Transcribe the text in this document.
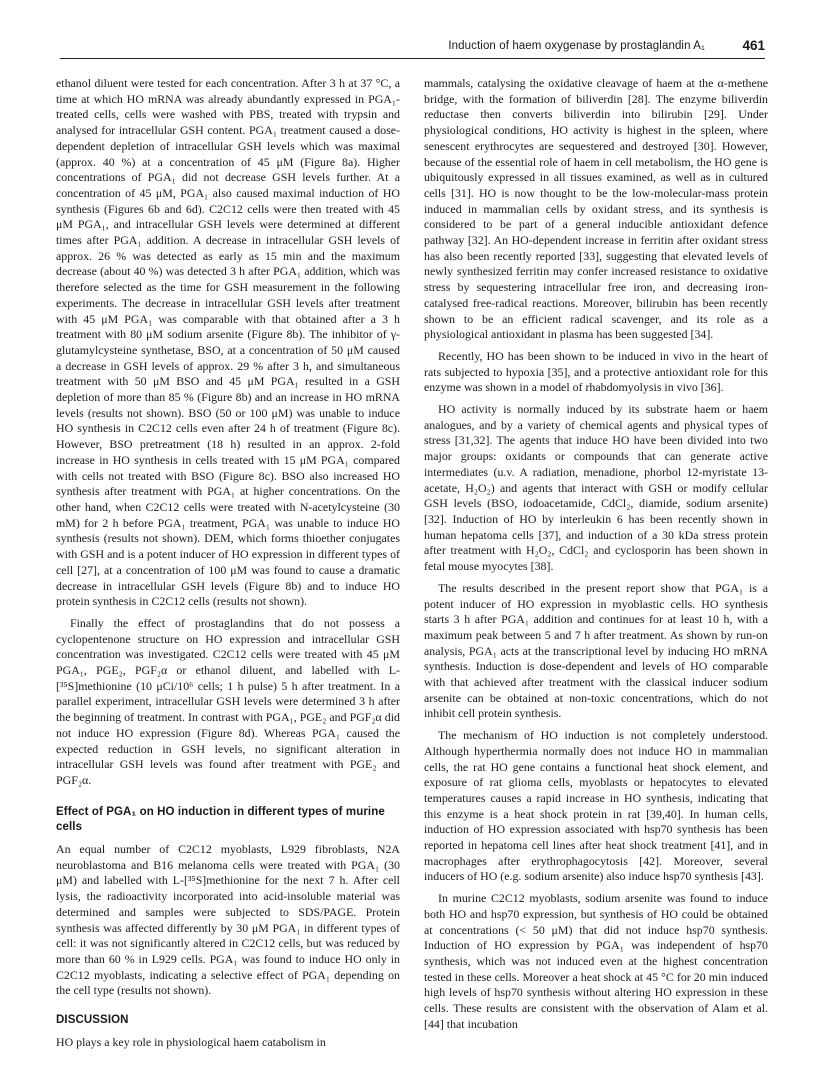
Induction of haem oxygenase by prostaglandin A₁	461

ethanol diluent were tested for each concentration. After 3 h at 37 °C, a time at which HO mRNA was already abundantly expressed in PGA₁-treated cells, cells were washed with PBS, treated with trypsin and analysed for intracellular GSH content. PGA₁ treatment caused a dose-dependent depletion of intracellular GSH levels which was maximal (approx. 40 %) at a concentration of 45 μM (Figure 8a). Higher concentrations of PGA₁ did not decrease GSH levels further. At a concentration of 45 μM, PGA₁ also caused maximal induction of HO synthesis (Figures 6b and 6d). C2C12 cells were then treated with 45 μM PGA₁, and intracellular GSH levels were determined at different times after PGA₁ addition. A decrease in intracellular GSH levels of approx. 26 % was detected as early as 15 min and the maximum decrease (about 40 %) was detected 3 h after PGA₁ addition, which was therefore selected as the time for GSH measurement in the following experiments. The decrease in intracellular GSH levels after treatment with 45 μM PGA₁ was comparable with that obtained after a 3 h treatment with 80 μM sodium arsenite (Figure 8b). The inhibitor of γ-glutamylcysteine synthetase, BSO, at a concentration of 50 μM caused a decrease in GSH levels of approx. 29 % after 3 h, and simultaneous treatment with 50 μM BSO and 45 μM PGA₁ resulted in a GSH depletion of more than 85 % (Figure 8b) and an increase in HO mRNA levels (results not shown). BSO (50 or 100 μM) was unable to induce HO synthesis in C2C12 cells even after 24 h of treatment (Figure 8c). However, BSO pretreatment (18 h) resulted in an approx. 2-fold increase in HO synthesis in cells treated with 15 μM PGA₁ compared with cells not treated with BSO (Figure 8c). BSO also increased HO synthesis after treatment with PGA₁ at higher concentrations. On the other hand, when C2C12 cells were treated with N-acetylcysteine (30 mM) for 2 h before PGA₁ treatment, PGA₁ was unable to induce HO synthesis (results not shown). DEM, which forms thioether conjugates with GSH and is a potent inducer of HO expression in different types of cell [27], at a concentration of 100 μM was found to cause a dramatic decrease in intracellular GSH levels (Figure 8b) and to induce HO protein synthesis in C2C12 cells (results not shown).

Finally the effect of prostaglandins that do not possess a cyclopentenone structure on HO expression and intracellular GSH concentration was investigated. C2C12 cells were treated with 45 μM PGA₁, PGE₂, PGF₂α or ethanol diluent, and labelled with L-[³⁵S]methionine (10 μCi/10⁶ cells; 1 h pulse) 5 h after treatment. In a parallel experiment, intracellular GSH levels were determined 3 h after the beginning of treatment. In contrast with PGA₁, PGE₂ and PGF₂α did not induce HO expression (Figure 8d). Whereas PGA₁ caused the expected reduction in GSH levels, no significant alteration in intracellular GSH levels was found after treatment with PGE₂ and PGF₂α.

Effect of PGA₁ on HO induction in different types of murine cells

An equal number of C2C12 myoblasts, L929 fibroblasts, N2A neuroblastoma and B16 melanoma cells were treated with PGA₁ (30 μM) and labelled with L-[³⁵S]methionine for the next 7 h. After cell lysis, the radioactivity incorporated into acid-insoluble material was determined and samples were subjected to SDS/PAGE. Protein synthesis was affected differently by 30 μM PGA₁ in different types of cell: it was not significantly altered in C2C12 cells, but was reduced by more than 60 % in L929 cells. PGA₁ was found to induce HO only in C2C12 myoblasts, indicating a selective effect of PGA₁ depending on the cell type (results not shown).

DISCUSSION

HO plays a key role in physiological haem catabolism in

mammals, catalysing the oxidative cleavage of haem at the α-methene bridge, with the formation of biliverdin [28]. The enzyme biliverdin reductase then converts biliverdin into bilirubin [29]. Under physiological conditions, HO activity is highest in the spleen, where senescent erythrocytes are sequestered and destroyed [30]. However, because of the essential role of haem in cell metabolism, the HO gene is ubiquitously expressed in all tissues examined, as well as in cultured cells [31]. HO is now thought to be the low-molecular-mass protein induced in mammalian cells by oxidant stress, and its synthesis is considered to be part of a general inducible antioxidant defence pathway [32]. An HO-dependent increase in ferritin after oxidant stress has also been recently reported [33], suggesting that elevated levels of newly synthesized ferritin may confer increased resistance to oxidative stress by sequestering intracellular free iron, and decreasing iron-catalysed free-radical reactions. Moreover, bilirubin has been recently shown to be an efficient radical scavenger, and its role as a physiological antioxidant in plasma has been suggested [34].

Recently, HO has been shown to be induced in vivo in the heart of rats subjected to hypoxia [35], and a protective antioxidant role for this enzyme was shown in a model of rhabdomyolysis in vivo [36].

HO activity is normally induced by its substrate haem or haem analogues, and by a variety of chemical agents and physical types of stress [31,32]. The agents that induce HO have been divided into two major groups: oxidants or compounds that can generate active intermediates (u.v. A radiation, menadione, phorbol 12-myristate 13-acetate, H₂O₂) and agents that interact with GSH or modify cellular GSH levels (BSO, iodoacetamide, CdCl₂, diamide, sodium arsenite) [32]. Induction of HO by interleukin 6 has been recently shown in human hepatoma cells [37], and induction of a 30 kDa stress protein after treatment with H₂O₂, CdCl₂ and cyclosporin has been shown in fetal mouse myocytes [38].

The results described in the present report show that PGA₁ is a potent inducer of HO expression in myoblastic cells. HO synthesis starts 3 h after PGA₁ addition and continues for at least 10 h, with a maximum peak between 5 and 7 h after treatment. As shown by run-on analysis, PGA₁ acts at the transcriptional level by inducing HO mRNA synthesis. Induction is dose-dependent and levels of HO comparable with that achieved after treatment with the classical inducer sodium arsenite can be obtained at non-toxic concentrations, which do not inhibit cell protein synthesis.

The mechanism of HO induction is not completely understood. Although hyperthermia normally does not induce HO in mammalian cells, the rat HO gene contains a functional heat shock element, and exposure of rat glioma cells, myoblasts or hepatocytes to elevated temperatures causes a rapid increase in HO synthesis, indicating that this enzyme is a heat shock protein in rat [39,40]. In human cells, induction of HO expression associated with hsp70 synthesis has been reported in hepatoma cell lines after heat shock treatment [41], and in macrophages after erythrophagocytosis [42]. Moreover, several inducers of HO (e.g. sodium arsenite) also induce hsp70 synthesis [43].

In murine C2C12 myoblasts, sodium arsenite was found to induce both HO and hsp70 expression, but synthesis of HO could be obtained at concentrations (< 50 μM) that did not induce hsp70 synthesis. Induction of HO expression by PGA₁ was independent of hsp70 synthesis, which was not induced even at the highest concentration tested in these cells. Moreover a heat shock at 45 °C for 20 min induced high levels of hsp70 synthesis without altering HO expression in these cells. These results are consistent with the observation of Alam et al. [44] that incubation
